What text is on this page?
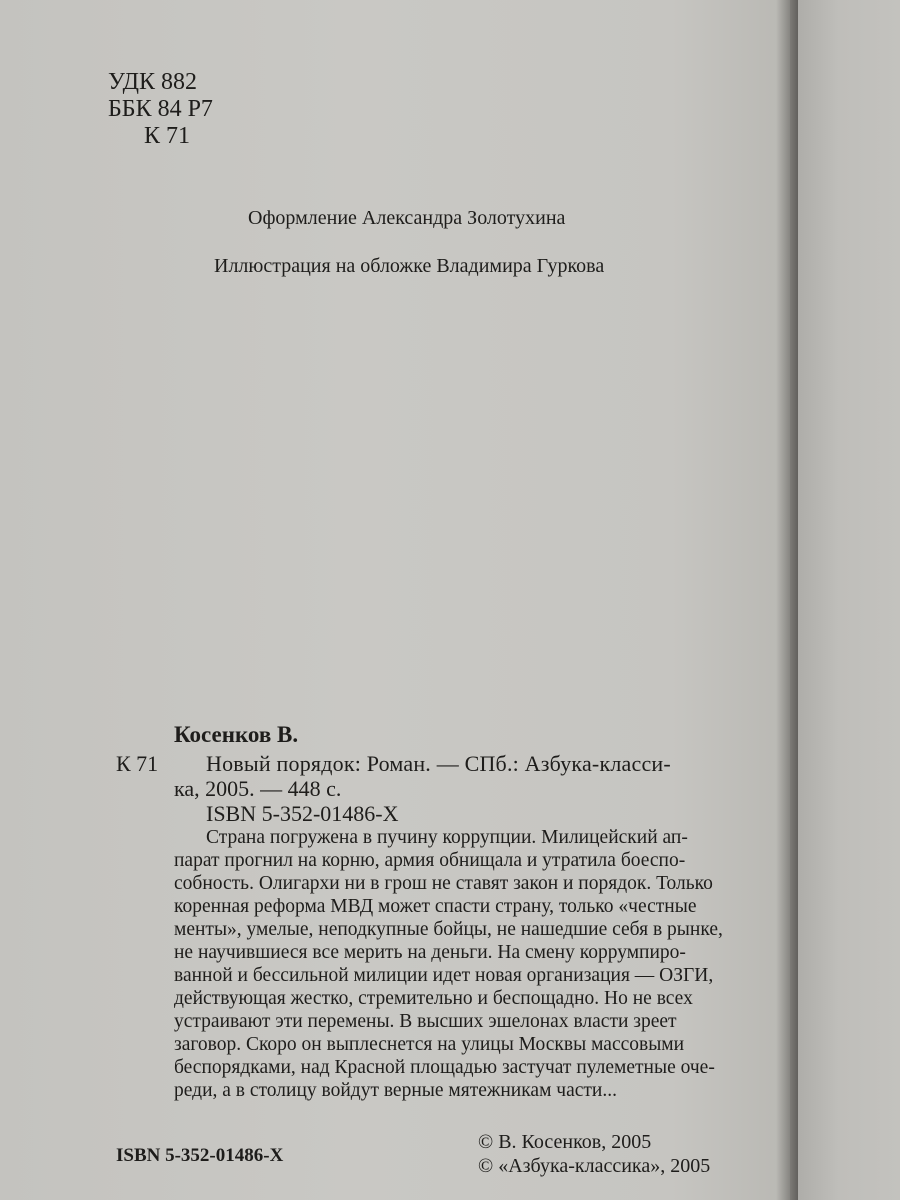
УДК 882
ББК 84 Р7
К 71
Оформление Александра Золотухина
Иллюстрация на обложке Владимира Гуркова
Косенков В.
К 71 Новый порядок: Роман. — СПб.: Азбука-класси-
ка, 2005. — 448 с.
ISBN 5-352-01486-X
Страна погружена в пучину коррупции. Милицейский ап-
парат прогнил на корню, армия обнищала и утратила боеспо-
собность. Олигархи ни в грош не ставят закон и порядок. Только
коренная реформа МВД может спасти страну, только «честные
менты», умелые, неподкупные бойцы, не нашедшие себя в рынке,
не научившиеся все мерить на деньги. На смену коррумпиро-
ванной и бессильной милиции идет новая организация — ОЗГИ,
действующая жестко, стремительно и беспощадно. Но не всех
устраивают эти перемены. В высших эшелонах власти зреет
заговор. Скоро он выплеснется на улицы Москвы массовыми
беспорядками, над Красной площадью застучат пулеметные оче-
реди, а в столицу войдут верные мятежникам части...
ISBN 5-352-01486-X
© В. Косенков, 2005
© «Азбука-классика», 2005
